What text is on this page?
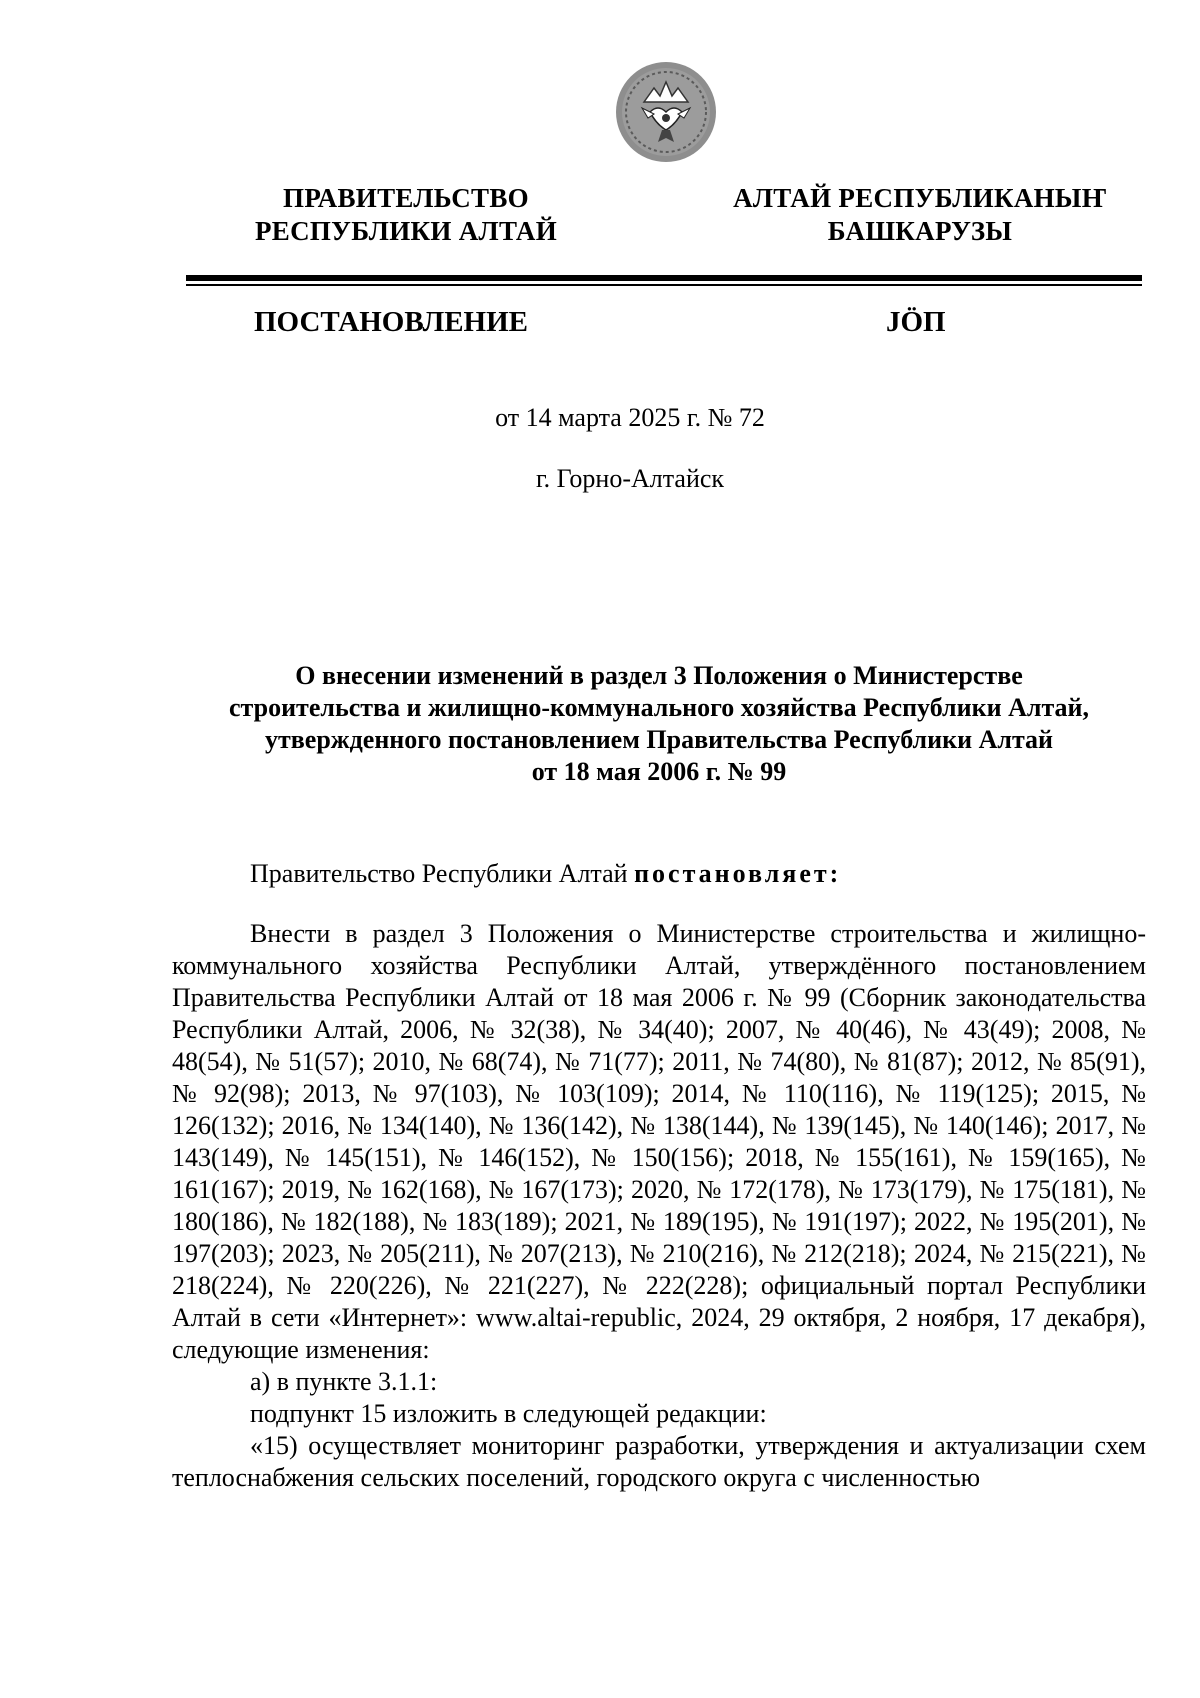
ПРАВИТЕЛЬСТВО
РЕСПУБЛИКИ АЛТАЙ
АЛТАЙ РЕСПУБЛИКАНЫҤ
БАШКАРУЗЫ
ПОСТАНОВЛЕНИЕ	JӦП
от 14 марта 2025 г. № 72
г. Горно-Алтайск
О внесении изменений в раздел 3 Положения о Министерстве
строительства и жилищно-коммунального хозяйства Республики Алтай,
утвержденного постановлением Правительства Республики Алтай
от 18 мая 2006 г. № 99
Правительство Республики Алтай постановляет:

Внести в раздел 3 Положения о Министерстве строительства и жилищно-коммунального хозяйства Республики Алтай, утверждённого постановлением Правительства Республики Алтай от 18 мая 2006 г. № 99 (Сборник законодательства Республики Алтай, 2006, № 32(38), № 34(40); 2007, № 40(46), № 43(49); 2008, № 48(54), № 51(57); 2010, № 68(74), № 71(77); 2011, № 74(80), № 81(87); 2012, № 85(91), № 92(98); 2013, № 97(103), № 103(109); 2014, № 110(116), № 119(125); 2015, № 126(132); 2016, № 134(140), № 136(142), № 138(144), № 139(145), № 140(146); 2017, № 143(149), № 145(151), № 146(152), № 150(156); 2018, № 155(161), № 159(165), № 161(167); 2019, № 162(168), № 167(173); 2020, № 172(178), № 173(179), № 175(181), № 180(186), № 182(188), № 183(189); 2021, № 189(195), № 191(197); 2022, № 195(201), № 197(203); 2023, № 205(211), № 207(213), № 210(216), № 212(218); 2024, № 215(221), № 218(224), № 220(226), № 221(227), № 222(228); официальный портал Республики Алтай в сети «Интернет»: www.altai-republic, 2024, 29 октября, 2 ноября, 17 декабря), следующие изменения:

а) в пункте 3.1.1:

подпункт 15 изложить в следующей редакции:

«15) осуществляет мониторинг разработки, утверждения и актуализации схем теплоснабжения сельских поселений, городского округа с численностью
